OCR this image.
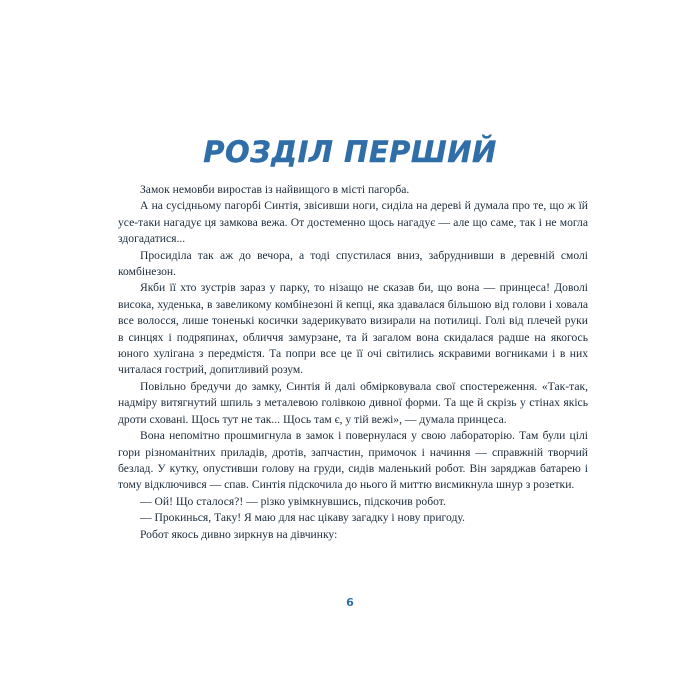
РОЗДІЛ ПЕРШИЙ

Замок немовби виростав із найвищого в місті пагорба.

А на сусідньому пагорбі Синтія, звісивши ноги, сиділа на дереві й думала про те, що ж їй усе-таки нагадує ця замкова вежа. От достеменно щось нагадує — але що саме, так і не могла здогадатися...

Просиділа так аж до вечора, а тоді спустилася вниз, забруднивши в деревній смолі комбінезон.

Якби її хто зустрів зараз у парку, то нізащо не сказав би, що вона — принцеса! Доволі висока, худенька, в завеликому комбінезоні й кепці, яка здавалася більшою від голови і ховала все волосся, лише тоненькі косички задерикувато визирали на потилиці. Голі від плечей руки в синцях і подряпинах, обличчя замурзане, та й загалом вона скидалася радше на якогось юного хулігана з передмістя. Та попри все це її очі світились яскравими вогниками і в них читалася гострий, допитливий розум.

Повільно бредучи до замку, Синтія й далі обмірковувала свої спостереження. «Так-так, надміру витягнутий шпиль з металевою голівкою дивної форми. Та ще й скрізь у стінах якісь дроти сховані. Щось тут не так... Щось там є, у тій вежі», — думала принцеса.

Вона непомітно прошмигнула в замок і повернулася у свою лабораторію. Там були цілі гори різноманітних приладів, дротів, запчастин, примочок і начиння — справжній творчий безлад. У кутку, опустивши голову на груди, сидів маленький робот. Він заряджав батарею і тому відключився — спав. Синтія підскочила до нього й миттю висмикнула шнур з розетки.

— Ой! Що сталося?! — різко увімкнувшись, підскочив робот.

— Прокинься, Таку! Я маю для нас цікаву загадку і нову пригоду.

Робот якось дивно зиркнув на дівчинку:

6
